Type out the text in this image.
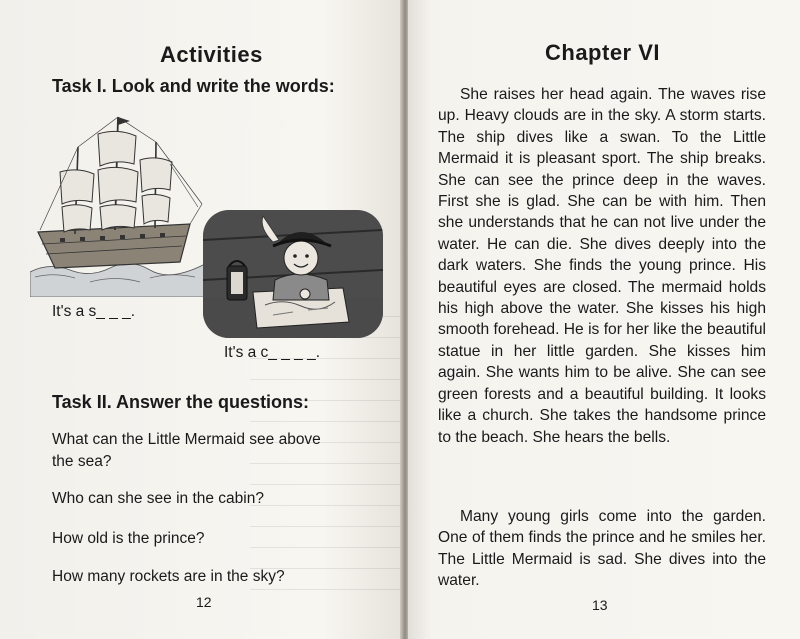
Activities
Task I. Look and write the words:
It's a s_ _ _.
It's a c_ _ _ _.
Task II. Answer the questions:
What can the Little Mermaid see above
the sea?
Who can she see in the cabin?
How old is the prince?
How many rockets are in the sky?
12
Chapter VI

She raises her head again. The waves rise up. Heavy clouds are in the sky. A storm starts. The ship dives like a swan. To the Little Mermaid it is pleasant sport. The ship breaks. She can see the prince deep in the waves. First she is glad. She can be with him. Then she understands that he can not live under the water. He can die. She dives deeply into the dark waters. She finds the young prince. His beautiful eyes are closed. The mermaid holds his high above the water. She kisses his high smooth forehead. He is for her like the beautiful statue in her little garden. She kisses him again. She wants him to be alive. She can see green forests and a beautiful building. It looks like a church. She takes the handsome prince to the beach. She hears the bells.

Many young girls come into the garden. One of them finds the prince and he smiles her. The Little Mermaid is sad. She dives into the water.

13
